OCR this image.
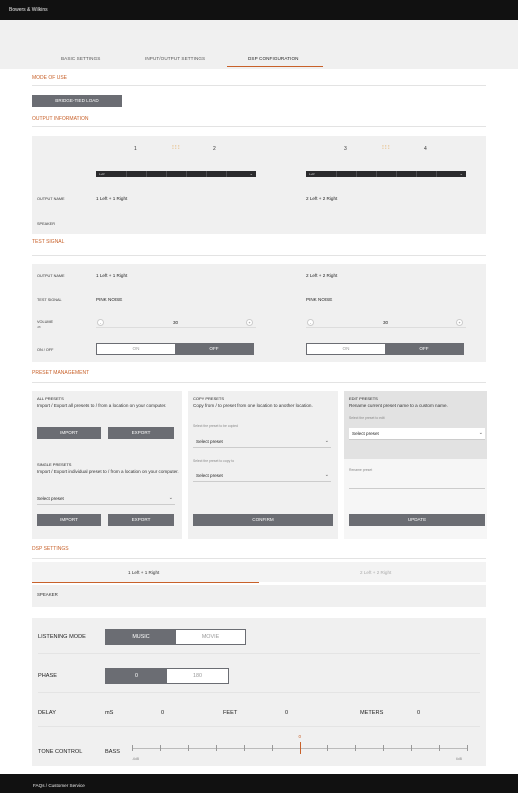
Bowers & Wilkins
BASIC SETTINGS	INPUT/OUTPUT SETTINGS	DSP CONFIGURATION
MODE OF USE
BRIDGE-TIED LOAD
OUTPUT INFORMATION
1	⁝⁝⁝	2	3	⁝⁝⁝	4
L+R	⌄	L+R	⌄
OUTPUT NAME	1 Left + 1 Right	2 Left + 2 Right
SPEAKER
TEST SIGNAL
OUTPUT NAME	1 Left + 1 Right	2 Left + 2 Right
TEST SIGNAL	PINK NOISE	PINK NOISE
VOLUME
dB
-	30	+	-	30	+
ON / OFF	ON	OFF	ON	OFF
PRESET MANAGEMENT
ALL PRESETS
Import / Export all presets to / from a location on your computer.
IMPORT	EXPORT
SINGLE PRESETS
Import / Export individual preset to / from a location on your computer.
Select preset	⌄
IMPORT	EXPORT
COPY PRESETS
Copy from / to preset from one location to another location.
Select the preset to be copied
Select preset	⌄
Select the preset to copy to
Select preset	⌄
CONFIRM
EDIT PRESETS
Rename current preset name to a custom name.
Select the preset to edit
Select preset	⌄
Rename preset
UPDATE
DSP SETTINGS
1 Left + 1 Right	2 Left + 2 Right
SPEAKER
LISTENING MODE	MUSIC	MOVIE
PHASE	0	180
DELAY	mS	0	FEET	0	METERS	0
TONE CONTROL	BASS
0
-6dB	6dB
FAQs / Customer Service
